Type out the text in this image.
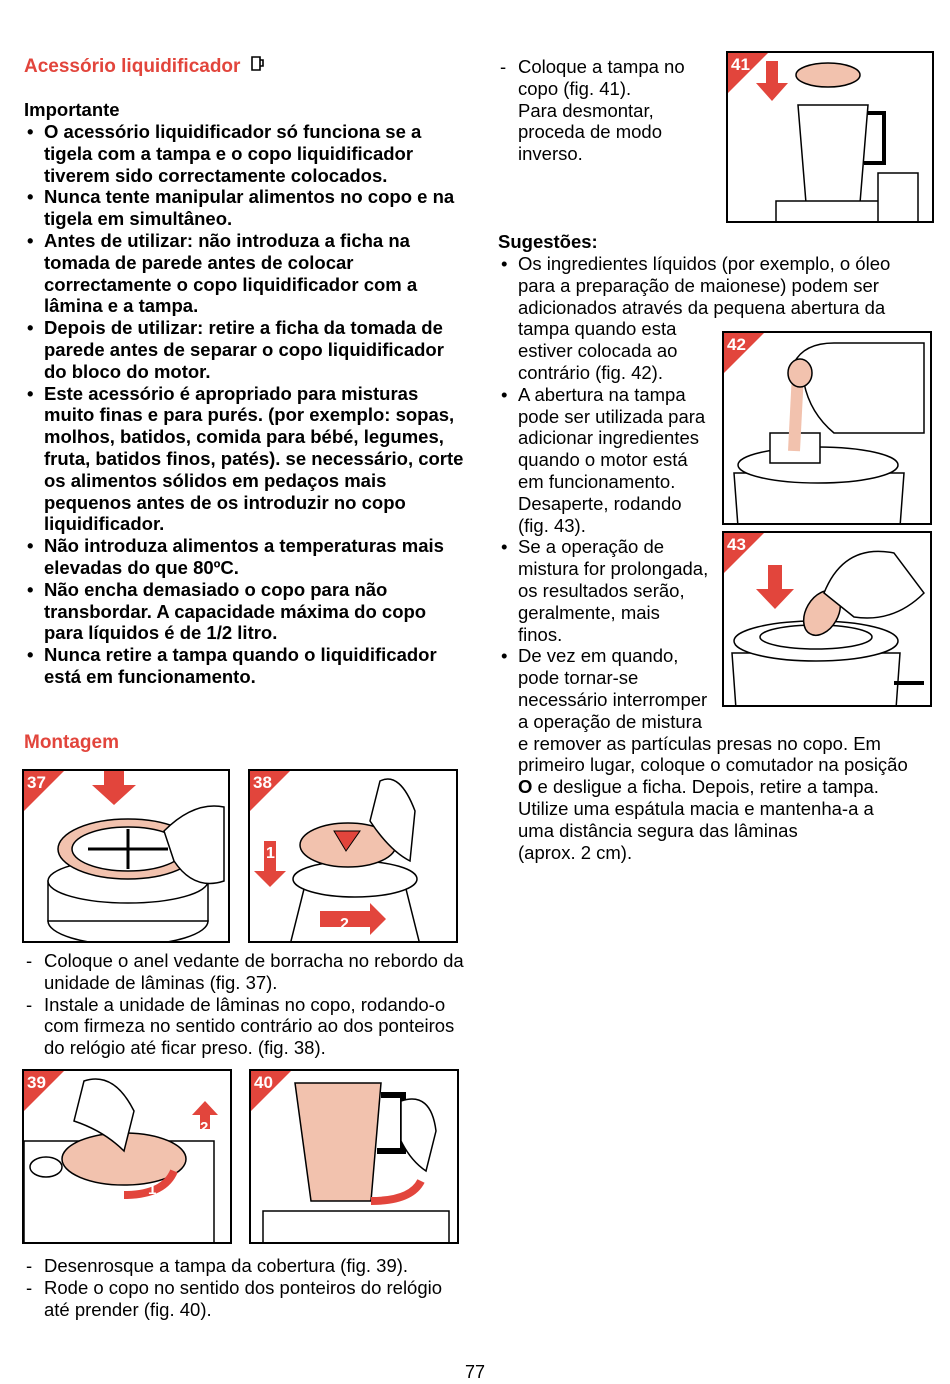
Acessório liquidificador
Importante
• O acessório liquidificador só funciona se a tigela com a tampa e o copo liquidificador tiverem sido correctamente colocados.
• Nunca tente manipular alimentos no copo e na tigela em simultâneo.
• Antes de utilizar: não introduza a ficha na tomada de parede antes de colocar correctamente o copo liquidificador com a lâmina e a tampa.
• Depois de utilizar: retire a ficha da tomada de parede antes de separar o copo liquidificador do bloco do motor.
• Este acessório é apropriado para misturas muito finas e para purés. (por exemplo: sopas, molhos, batidos, comida para bébé, legumes, fruta, batidos finos, patés). se necessário, corte os alimentos sólidos em pedaços mais pequenos antes de os introduzir no copo liquidificador.
• Não introduza alimentos a temperaturas mais elevadas do que 80ºC.
• Não encha demasiado o copo para não transbordar. A capacidade máxima do copo para líquidos é de 1/2 litro.
• Nunca retire a tampa quando o liquidificador está em funcionamento.
Montagem
37	38
1
2
- Coloque o anel vedante de borracha no rebordo da unidade de lâminas (fig. 37).
- Instale a unidade de lâminas no copo, rodando-o com firmeza no sentido contrário ao dos ponteiros do relógio até ficar preso. (fig. 38).
39
2
1
40
- Desenrosque a tampa da cobertura (fig. 39).
- Rode o copo no sentido dos ponteiros do relógio até prender (fig. 40).
- Coloque a tampa no
copo (fig. 41).
Para desmontar,
proceda de modo
inverso.
41
Sugestões:
• Os ingredientes líquidos (por exemplo, o óleo
para a preparação de maionese) podem ser
adicionados através da pequena abertura da
tampa quando esta
estiver colocada ao
contrário (fig. 42).
• A abertura na tampa
pode ser utilizada para
adicionar ingredientes
quando o motor está
em funcionamento.
Desaperte, rodando
(fig. 43).
• Se a operação de
mistura for prolongada,
os resultados serão,
geralmente, mais
finos.
• De vez em quando,
pode tornar-se
necessário interromper
a operação de mistura
e remover as partículas presas no copo. Em
primeiro lugar, coloque o comutador na posição
O e desligue a ficha. Depois, retire a tampa.
Utilize uma espátula macia e mantenha-a a
uma distância segura das lâminas
(aprox. 2 cm).
42
43
77
